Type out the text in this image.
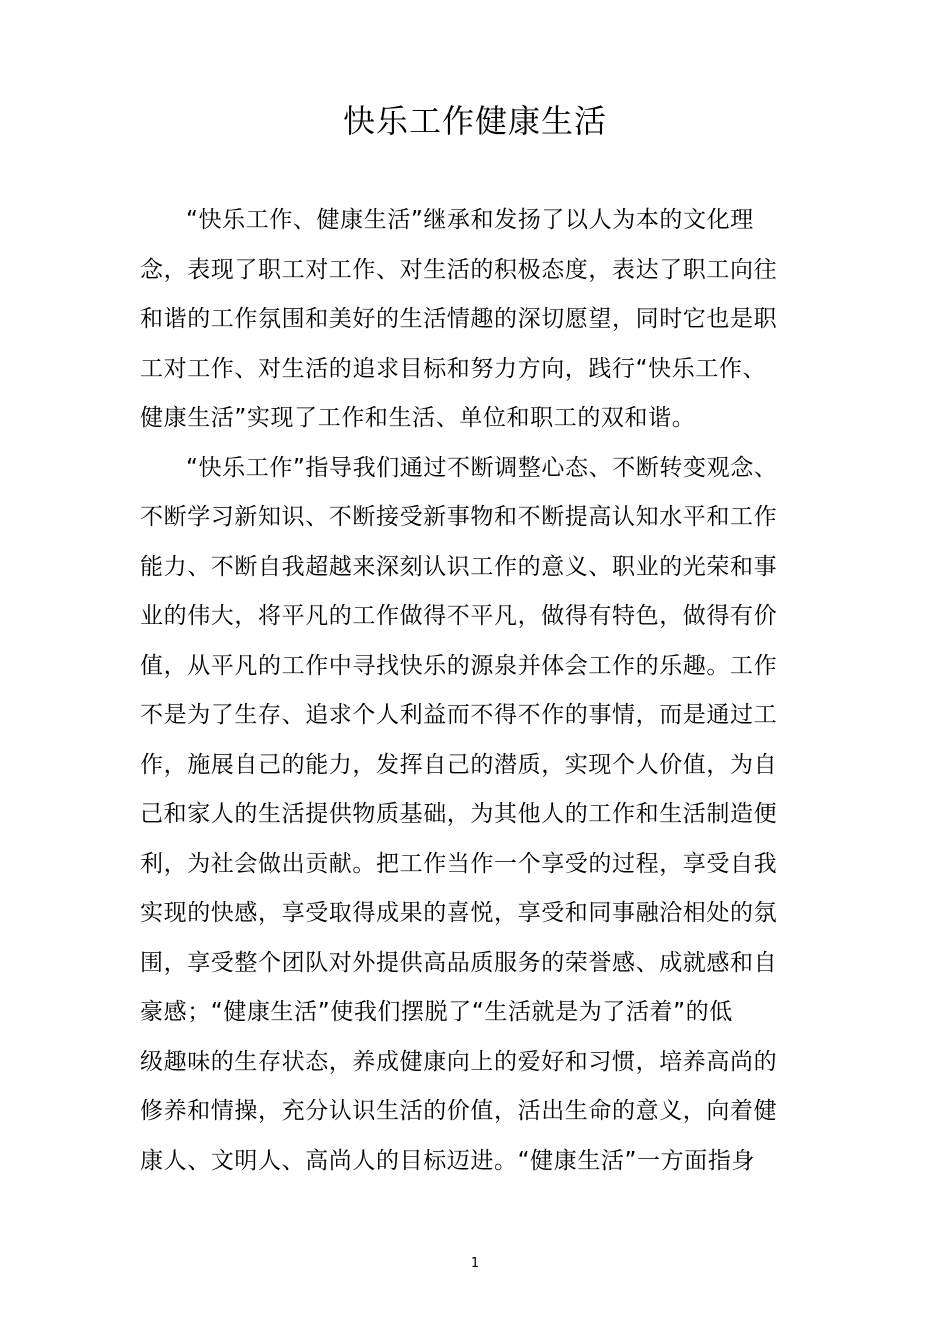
快乐工作健康生活
“快乐工作、健康生活”继承和发扬了以人为本的文化理
念，表现了职工对工作、对生活的积极态度，表达了职工向往
和谐的工作氛围和美好的生活情趣的深切愿望，同时它也是职
工对工作、对生活的追求目标和努力方向，践行“快乐工作、
健康生活”实现了工作和生活、单位和职工的双和谐。
“快乐工作”指导我们通过不断调整心态、不断转变观念、
不断学习新知识、不断接受新事物和不断提高认知水平和工作
能力、不断自我超越来深刻认识工作的意义、职业的光荣和事
业的伟大，将平凡的工作做得不平凡，做得有特色，做得有价
值，从平凡的工作中寻找快乐的源泉并体会工作的乐趣。工作
不是为了生存、追求个人利益而不得不作的事情，而是通过工
作，施展自己的能力，发挥自己的潜质，实现个人价值，为自
己和家人的生活提供物质基础，为其他人的工作和生活制造便
利，为社会做出贡献。把工作当作一个享受的过程，享受自我
实现的快感，享受取得成果的喜悦，享受和同事融洽相处的氛
围，享受整个团队对外提供高品质服务的荣誉感、成就感和自
豪感；“健康生活”使我们摆脱了“生活就是为了活着”的低
级趣味的生存状态，养成健康向上的爱好和习惯，培养高尚的
修养和情操，充分认识生活的价值，活出生命的意义，向着健
康人、文明人、高尚人的目标迈进。“健康生活”一方面指身
1
